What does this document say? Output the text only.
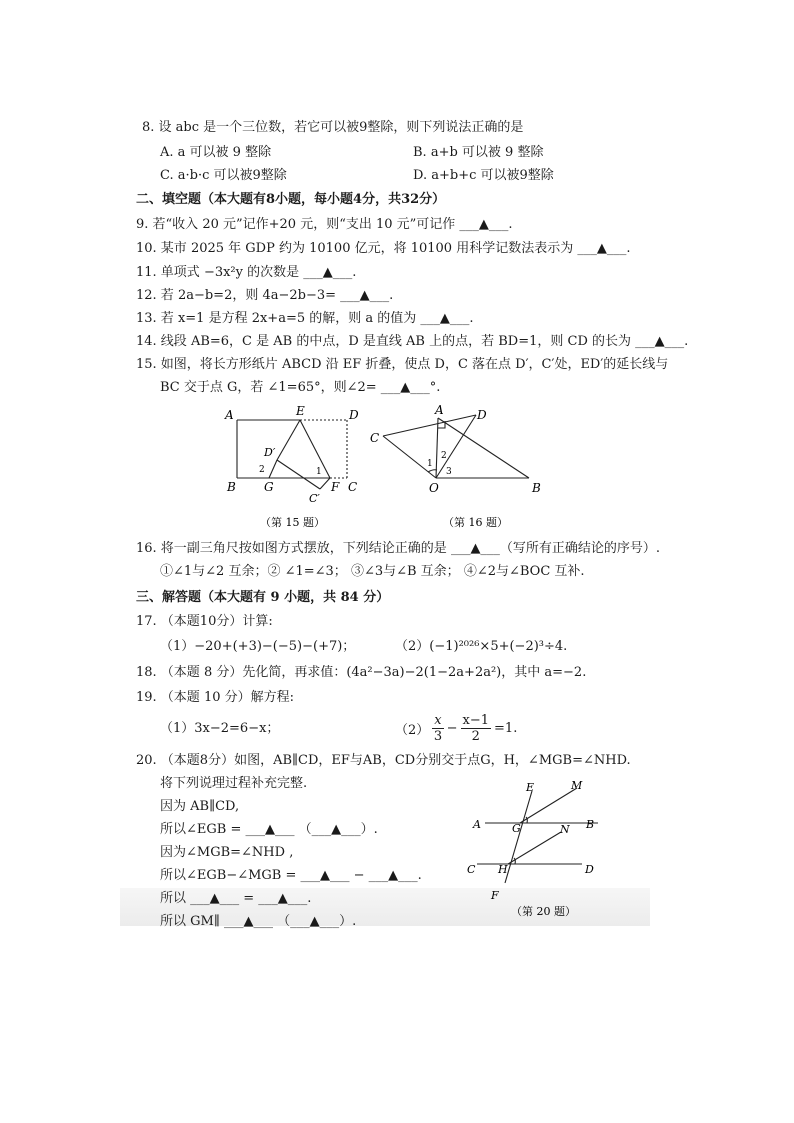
8. 设 abc 是一个三位数，若它可以被9整除，则下列说法正确的是
A. a 可以被 9 整除	B. a+b 可以被 9 整除
C. a·b·c 可以被9整除	D. a+b+c 可以被9整除
二、填空题（本大题有8小题，每小题4分，共32分）
9. 若“收入 20 元”记作+20 元，则“支出 10 元”可记作 ___▲___.
10. 某市 2025 年 GDP 约为 10100 亿元，将 10100 用科学记数法表示为 ___▲___.
11. 单项式 −3x²y 的次数是 ___▲___.
12. 若 2a−b=2，则 4a−2b−3= ___▲___.
13. 若 x=1 是方程 2x+a=5 的解，则 a 的值为 ___▲___.
14. 线段 AB=6，C 是 AB 的中点，D 是直线 AB 上的点，若 BD=1，则 CD 的长为 ___▲___.
15. 如图，将长方形纸片 ABCD 沿 EF 折叠，使点 D，C 落在点 D′，C′处，ED′的延长线与
BC 交于点 G，若 ∠1=65°，则∠2= ___▲___°.
A	E	D
D′
2	1
B G	F C
C′
（第 15 题）
A	D
C
2
1
3
O	B
（第 16 题）
16. 将一副三角尺按如图方式摆放，下列结论正确的是 ___▲___（写所有正确结论的序号）.
①∠1与∠2 互余；② ∠1=∠3； ③∠3与∠B 互余； ④∠2与∠BOC 互补.
三、解答题（本大题有 9 小题，共 84 分）
17. （本题10分）计算:
（1）−20+(+3)−(−5)−(+7)；	（2）(−1)²⁰²⁶×5+(−2)³÷4.
18. （本题 8 分）先化简，再求值：(4a²−3a)−2(1−2a+2a²)，其中 a=−2.
19. （本题 10 分）解方程:
（1）3x−2=6−x；	$(2) \frac{x}{3} - \frac{x-1}{2} =1$.
20. （本题8分）如图，AB∥CD，EF与AB，CD分别交于点G，H，∠MGB=∠NHD.
将下列说理过程补充完整.
因为 AB∥CD,
所以∠EGB = ___▲___ （___▲___）.
因为∠MGB=∠NHD ,
所以∠EGB−∠MGB = ___▲___ − ___▲___.
所以 ___▲___ = ___▲___.
所以 GM∥ ___▲___ （___▲___）.
E	M
A	G	N B
C H	D
F
（第 20 题）
